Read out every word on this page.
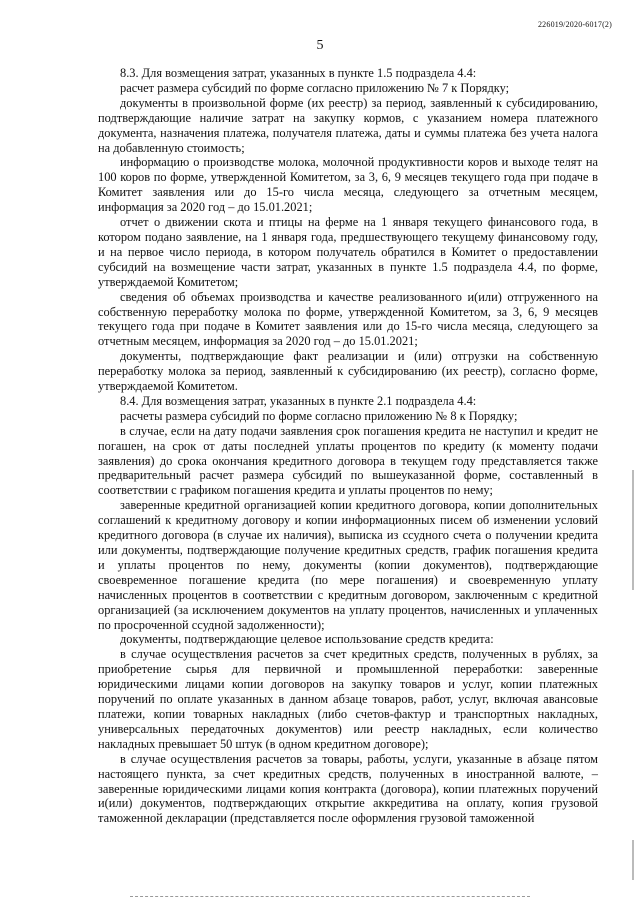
226019/2020-6017(2)
5

8.3. Для возмещения затрат, указанных в пункте 1.5 подраздела 4.4:

расчет размера субсидий по форме согласно приложению № 7 к Порядку;

документы в произвольной форме (их реестр) за период, заявленный к субсидированию, подтверждающие наличие затрат на закупку кормов, с указанием номера платежного документа, назначения платежа, получателя платежа, даты и суммы платежа без учета налога на добавленную стоимость;

информацию о производстве молока, молочной продуктивности коров и выходе телят на 100 коров по форме, утвержденной Комитетом, за 3, 6, 9 месяцев текущего года при подаче в Комитет заявления или до 15-го числа месяца, следующего за отчетным месяцем, информация за 2020 год – до 15.01.2021;

отчет о движении скота и птицы на ферме на 1 января текущего финансового года, в котором подано заявление, на 1 января года, предшествующего текущему финансовому году, и на первое число периода, в котором получатель обратился в Комитет о предоставлении субсидий на возмещение части затрат, указанных в пункте 1.5 подраздела 4.4, по форме, утверждаемой Комитетом;

сведения об объемах производства и качестве реализованного и(или) отгруженного на собственную переработку молока по форме, утвержденной Комитетом, за 3, 6, 9 месяцев текущего года при подаче в Комитет заявления или до 15-го числа месяца, следующего за отчетным месяцем, информация за 2020 год – до 15.01.2021;

документы, подтверждающие факт реализации и (или) отгрузки на собственную переработку молока за период, заявленный к субсидированию (их реестр), согласно форме, утверждаемой Комитетом.

8.4. Для возмещения затрат, указанных в пункте 2.1 подраздела 4.4:

расчеты размера субсидий по форме согласно приложению № 8 к Порядку;

в случае, если на дату подачи заявления срок погашения кредита не наступил и кредит не погашен, на срок от даты последней уплаты процентов по кредиту (к моменту подачи заявления) до срока окончания кредитного договора в текущем году представляется также предварительный расчет размера субсидий по вышеуказанной форме, составленный в соответствии с графиком погашения кредита и уплаты процентов по нему;

заверенные кредитной организацией копии кредитного договора, копии дополнительных соглашений к кредитному договору и копии информационных писем об изменении условий кредитного договора (в случае их наличия), выписка из ссудного счета о получении кредита или документы, подтверждающие получение кредитных средств, график погашения кредита и уплаты процентов по нему, документы (копии документов), подтверждающие своевременное погашение кредита (по мере погашения) и своевременную уплату начисленных процентов в соответствии с кредитным договором, заключенным с кредитной организацией (за исключением документов на уплату процентов, начисленных и уплаченных по просроченной ссудной задолженности);

документы, подтверждающие целевое использование средств кредита:

в случае осуществления расчетов за счет кредитных средств, полученных в рублях, за приобретение сырья для первичной и промышленной переработки: заверенные юридическими лицами копии договоров на закупку товаров и услуг, копии платежных поручений по оплате указанных в данном абзаце товаров, работ, услуг, включая авансовые платежи, копии товарных накладных (либо счетов-фактур и транспортных накладных, универсальных передаточных документов) или реестр накладных, если количество накладных превышает 50 штук (в одном кредитном договоре);

в случае осуществления расчетов за товары, работы, услуги, указанные в абзаце пятом настоящего пункта, за счет кредитных средств, полученных в иностранной валюте, – заверенные юридическими лицами копия контракта (договора), копии платежных поручений и(или) документов, подтверждающих открытие аккредитива на оплату, копия грузовой таможенной декларации (представляется после оформления грузовой таможенной
